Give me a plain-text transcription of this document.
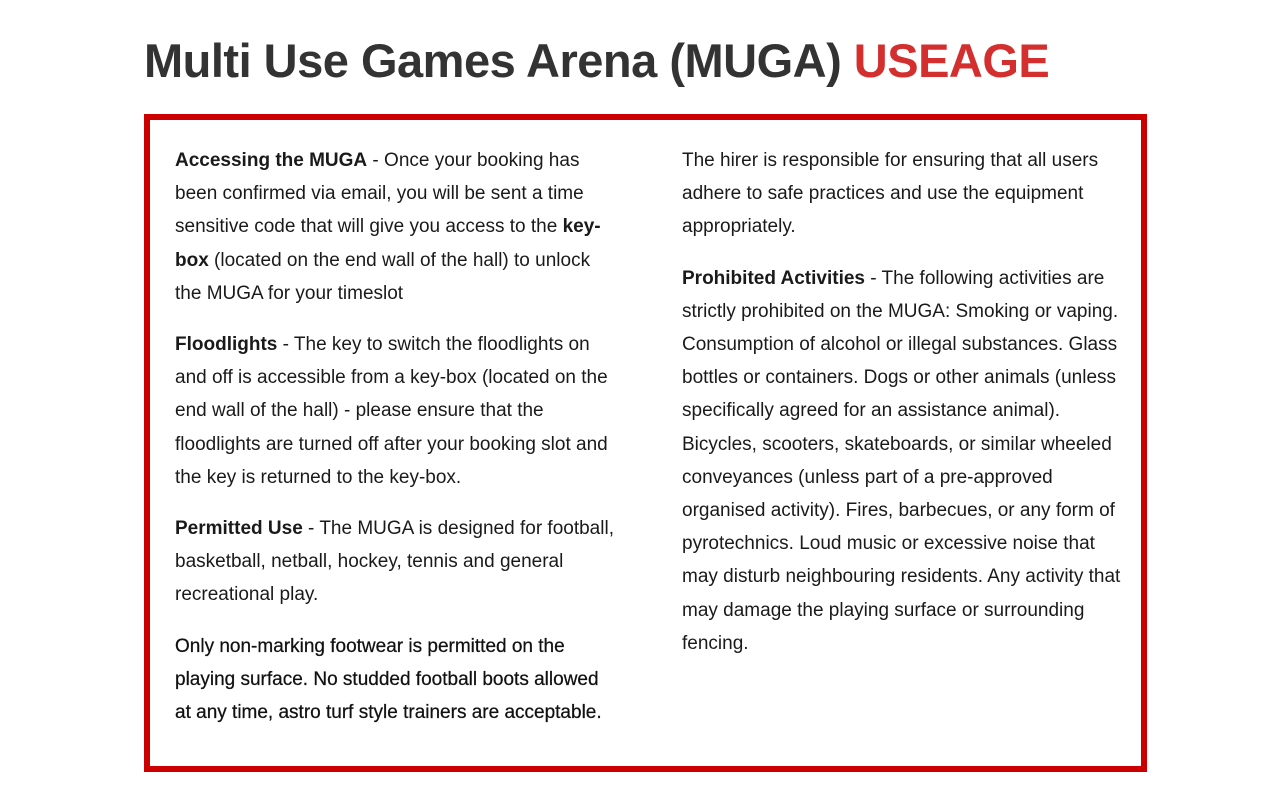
Multi Use Games Arena (MUGA) USEAGE

Accessing the MUGA - Once your booking has been confirmed via email, you will be sent a time sensitive code that will give you access to the key-box (located on the end wall of the hall) to unlock the MUGA for your timeslot

Floodlights - The key to switch the floodlights on and off is accessible from a key-box (located on the end wall of the hall) - please ensure that the floodlights are turned off after your booking slot and the key is returned to the key-box.

Permitted Use - The MUGA is designed for football, basketball, netball, hockey, tennis and general recreational play.

Only non-marking footwear is permitted on the playing surface. No studded football boots allowed at any time, astro turf style trainers are acceptable.

The hirer is responsible for ensuring that all users adhere to safe practices and use the equipment appropriately.

Prohibited Activities - The following activities are strictly prohibited on the MUGA: Smoking or vaping. Consumption of alcohol or illegal substances. Glass bottles or containers. Dogs or other animals (unless specifically agreed for an assistance animal). Bicycles, scooters, skateboards, or similar wheeled conveyances (unless part of a pre-approved organised activity). Fires, barbecues, or any form of pyrotechnics. Loud music or excessive noise that may disturb neighbouring residents. Any activity that may damage the playing surface or surrounding fencing.
